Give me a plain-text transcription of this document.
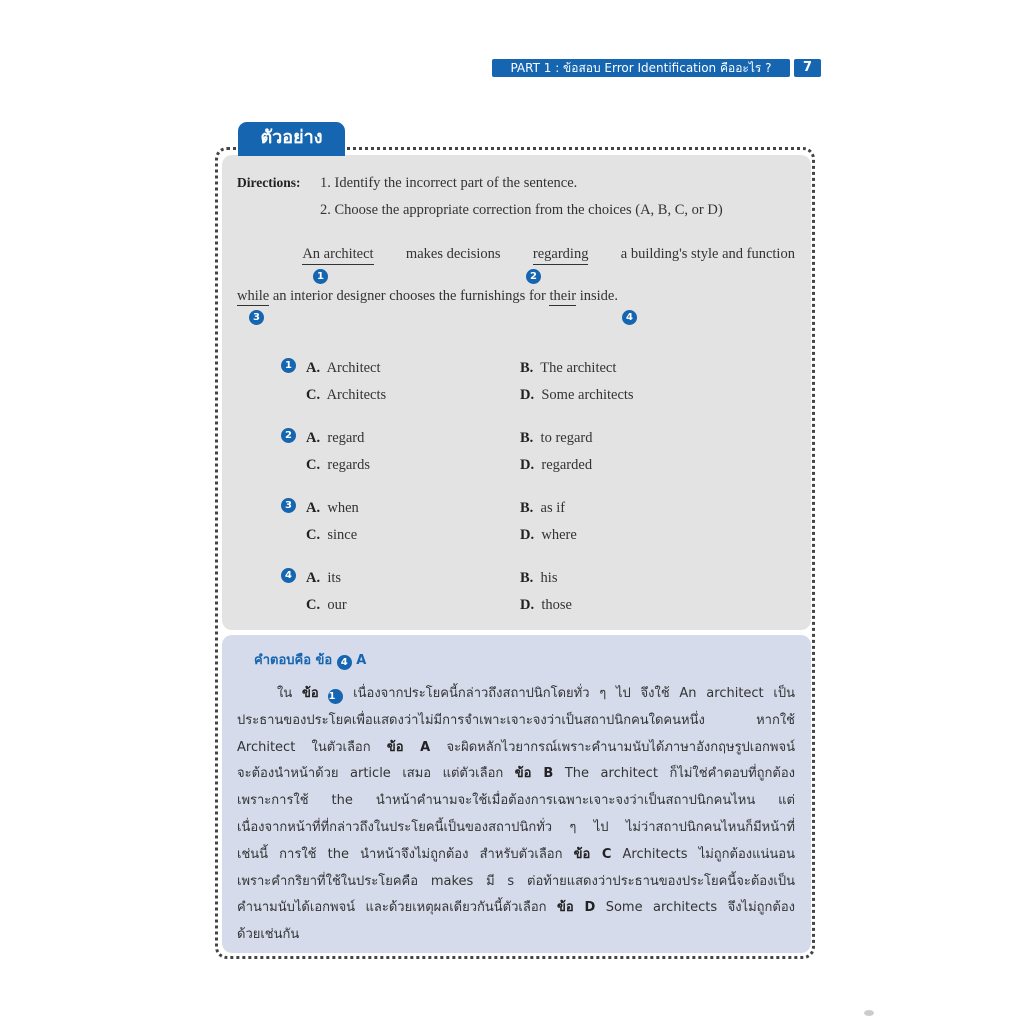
PART 1 : ข้อสอบ Error Identification คืออะไร ?	7
ตัวอย่าง
Directions: 1. Identify the incorrect part of the sentence.
2. Choose the appropriate correction from the choices (A, B, C, or D)
An architect makes decisions regarding a building's style and function
1	2
while an interior designer chooses the furnishings for their inside.
3	4
1 A. Architect	B. The architect
C. Architects	D. Some architects
2 A. regard	B. to regard
C. regards	D. regarded
3 A. when	B. as if
C. since	D. where
4 A. its	B. his
C. our	D. those
คำตอบคือ ข้อ 4 A
ใน ข้อ 1 เนื่องจากประโยคนี้กล่าวถึงสถาปนิกโดยทั่ว ๆ ไป จึงใช้ An architect เป็น
ประธานของประโยคเพื่อแสดงว่าไม่มีการจำเพาะเจาะจงว่าเป็นสถาปนิกคนใดคนหนึ่ง หากใช้
Architect ในตัวเลือก ข้อ A จะผิดหลักไวยากรณ์เพราะคำนามนับได้ภาษาอังกฤษรูปเอกพจน์
จะต้องนำหน้าด้วย article เสมอ แต่ตัวเลือก ข้อ B The architect ก็ไม่ใช่คำตอบที่ถูกต้อง
เพราะการใช้ the นำหน้าคำนามจะใช้เมื่อต้องการเฉพาะเจาะจงว่าเป็นสถาปนิกคนไหน แต่
เนื่องจากหน้าที่ที่กล่าวถึงในประโยคนี้เป็นของสถาปนิกทั่ว ๆ ไป ไม่ว่าสถาปนิกคนไหนก็มีหน้าที่
เช่นนี้ การใช้ the นำหน้าจึงไม่ถูกต้อง สำหรับตัวเลือก ข้อ C Architects ไม่ถูกต้องแน่นอน
เพราะคำกริยาที่ใช้ในประโยคคือ makes มี s ต่อท้ายแสดงว่าประธานของประโยคนี้จะต้องเป็น
คำนามนับได้เอกพจน์ และด้วยเหตุผลเดียวกันนี้ตัวเลือก ข้อ D Some architects จึงไม่ถูกต้อง
ด้วยเช่นกัน
